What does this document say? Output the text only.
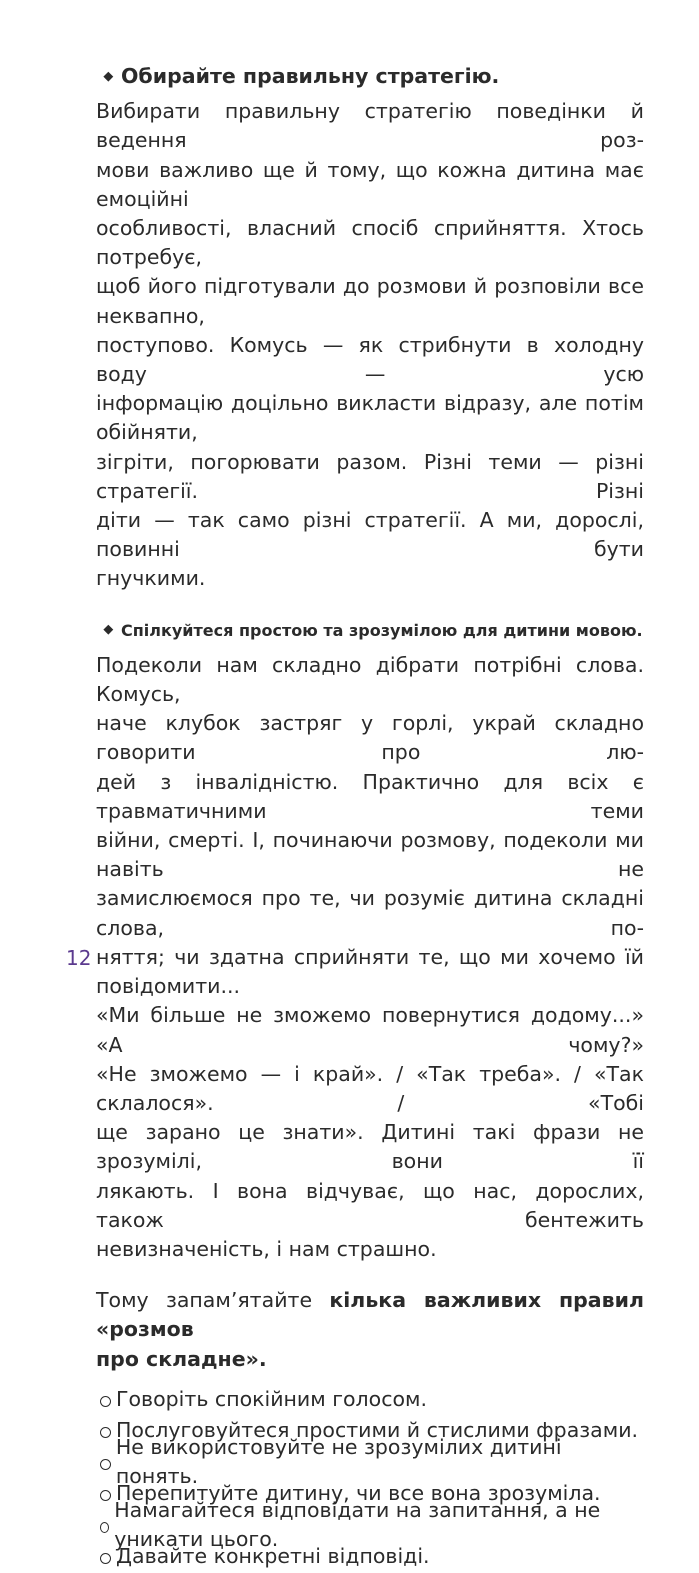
Обирайте правильну стратегію.
Вибирати правильну стратегію поведінки й ведення роз-
мови важливо ще й тому, що кожна дитина має емоційні
особливості, власний спосіб сприйняття. Хтось потребує,
щоб його підготували до розмови й розповіли все неквапно,
поступово. Комусь — як стрибнути в холодну воду — усю
інформацію доцільно викласти відразу, але потім обійняти,
зігріти, погорювати разом. Різні теми — різні стратегії. Різні
діти — так само різні стратегії. А ми, дорослі, повинні бути
гнучкими.
Спілкуйтеся простою та зрозумілою для дитини мовою.
Подеколи нам складно дібрати потрібні слова. Комусь,
наче клубок застряг у горлі, украй складно говорити про лю-
дей з інвалідністю. Практично для всіх є травматичними теми
війни, смерті. І, починаючи розмову, подеколи ми навіть не
замислюємося про те, чи розуміє дитина складні слова, по-
няття; чи здатна сприйняти те, що ми хочемо їй повідомити...
«Ми більше не зможемо повернутися додому...» «А чому?»
«Не зможемо — і край». / «Так треба». / «Так склалося». / «Тобі
ще зарано це знати». Дитині такі фрази не зрозумілі, вони її
лякають. І вона відчуває, що нас, дорослих, також бентежить
невизначеність, і нам страшно.
Тому запам’ятайте кілька важливих правил «розмов
про складне».
Говоріть спокійним голосом.
Послуговуйтеся простими й стислими фразами.
Не використовуйте не зрозумілих дитині понять.
Перепитуйте дитину, чи все вона зрозуміла.
Намагайтеся відповідати на запитання, а не уникати цього.
Давайте конкретні відповіді.
12
